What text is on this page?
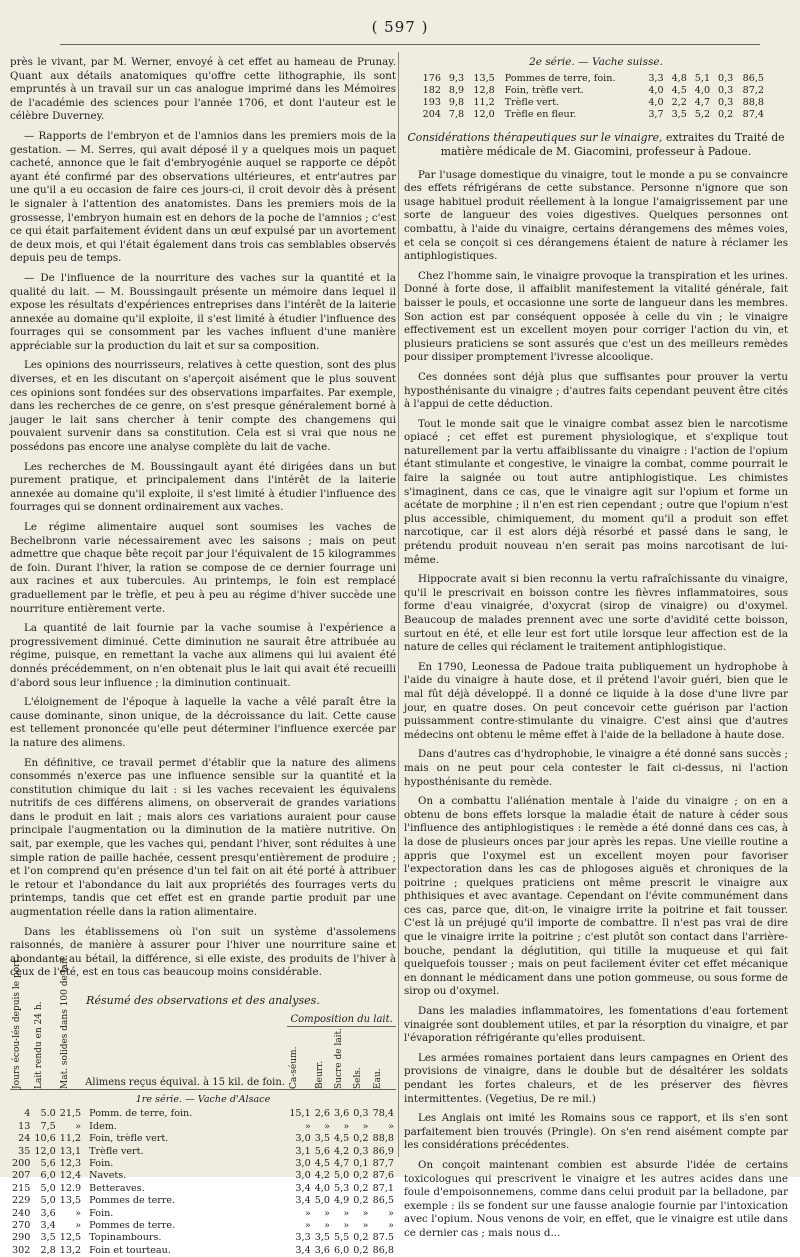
( 597 )

près le vivant, par M. Werner, envoyé à cet effet au hameau de Prunay. Quant aux détails anatomiques qu'offre cette lithographie, ils sont empruntés à un travail sur un cas analogue imprimé dans les Mémoires de l'académie des sciences pour l'année 1706, et dont l'auteur est le célèbre Duverney.

— Rapports de l'embryon et de l'amnios dans les premiers mois de la gestation. — M. Serres, qui avait déposé il y a quelques mois un paquet cacheté, annonce que le fait d'embryogénie auquel se rapporte ce dépôt ayant été confirmé par des observations ultérieures, et entr'autres par une qu'il a eu occasion de faire ces jours-ci, il croit devoir dès à présent le signaler à l'attention des anatomistes. Dans les premiers mois de la grossesse, l'embryon humain est en dehors de la poche de l'amnios ; c'est ce qui était parfaitement évident dans un œuf expulsé par un avortement de deux mois, et qui l'était également dans trois cas semblables observés depuis peu de temps.

— De l'influence de la nourriture des vaches sur la quantité et la qualité du lait. — M. Boussingault présente un mémoire dans lequel il expose les résultats d'expériences entreprises dans l'intérêt de la laiterie annexée au domaine qu'il exploite, il s'est limité à étudier l'influence des fourrages qui se consomment par les vaches influent d'une manière appréciable sur la production du lait et sur sa composition.

Les opinions des nourrisseurs, relatives à cette question, sont des plus diverses, et en les discutant on s'aperçoit aisément que le plus souvent ces opinions sont fondées sur des observations imparfaites. Par exemple, dans les recherches de ce genre, on s'est presque généralement borné à jauger le lait sans chercher à tenir compte des changemens qui pouvaient survenir dans sa constitution. Cela est si vrai que nous ne possédons pas encore une analyse complète du lait de vache.

Les recherches de M. Boussingault ayant été dirigées dans un but purement pratique, et principalement dans l'intérêt de la laiterie annexée au domaine qu'il exploite, il s'est limité à étudier l'influence des fourrages qui se donnent ordinairement aux vaches.

Le régime alimentaire auquel sont soumises les vaches de Bechelbronn varie nécessairement avec les saisons ; mais on peut admettre que chaque bête reçoit par jour l'équivalent de 15 kilogrammes de foin. Durant l'hiver, la ration se compose de ce dernier fourrage uni aux racines et aux tubercules. Au printemps, le foin est remplacé graduellement par le trèfle, et peu à peu au régime d'hiver succède une nourriture entièrement verte.

La quantité de lait fournie par la vache soumise à l'expérience a progressivement diminué. Cette diminution ne saurait être attribuée au régime, puisque, en remettant la vache aux alimens qui lui avaient été donnés précédemment, on n'en obtenait plus le lait qui avait été recueilli d'abord sous leur influence ; la diminution continuait.

L'éloignement de l'époque à laquelle la vache a vêlé paraît être la cause dominante, sinon unique, de la décroissance du lait. Cette cause est tellement prononcée qu'elle peut déterminer l'influence exercée par la nature des alimens.

En définitive, ce travail permet d'établir que la nature des alimens consommés n'exerce pas une influence sensible sur la quantité et la constitution chimique du lait : si les vaches recevaient les équivalens nutritifs de ces différens alimens, on observerait de grandes variations dans le produit en lait ; mais alors ces variations auraient pour cause principale l'augmentation ou la diminution de la matière nutritive. On sait, par exemple, que les vaches qui, pendant l'hiver, sont réduites à une simple ration de paille hachée, cessent presqu'entièrement de produire ; et l'on comprend qu'en présence d'un tel fait on ait été porté à attribuer le retour et l'abondance du lait aux propriétés des fourrages verts du printemps, tandis que cet effet est en grande partie produit par une augmentation réelle dans la ration alimentaire.

Dans les établissemens où l'on suit un système d'assolemens raisonnés, de manière à assurer pour l'hiver une nourriture saine et abondante au bétail, la différence, si elle existe, des produits de l'hiver à ceux de l'été, est en tous cas beaucoup moins considérable.

Résumé des observations et des analyses.
Jours écou-lés depuis le port.	Lait rendu en 24 h.	Mat. solides dans 100 de lait.	Alimens reçus équival. à 15 kil. de foin.	Composition du lait.				

				Ca-séum.	Beurr.	Sucre de lait.	Sels.	Eau.

1re série. — Vache d'Alsace								
4	5.0	21,5	Pomm. de terre, foin.	15,1	2,6	3,6	0,3	78,4
13	7,5	»	Idem.	»	»	»	»	»
24	10,6	11,2	Foin, trèfle vert.	3,0	3,5	4,5	0,2	88,8
35	12,0	13,1	Trèfle vert.	3,1	5,6	4,2	0,3	86,9
200	5,6	12,3	Foin.	3,0	4,5	4,7	0,1	87,7
207	6,0	12,4	Navets.	3,0	4,2	5,0	0,2	87,6
215	5,0	12.9	Betteraves.	3,4	4,0	5,3	0,2	87,1
229	5,0	13,5	Pommes de terre.	3,4	5,0	4,9	0,2	86,5
240	3,6	»	Foin.	»	»	»	»	»
270	3,4	»	Pommes de terre.	»	»	»	»	»
290	3,5	12,5	Topinambours.	3,3	3,5	5,5	0,2	87.5
302	2,8	13,2	Foin et tourteau.	3,4	3,6	6,0	0,2	86,8
2e série. — Vache suisse.
176	9,3	13,5	Pommes de terre, foin.	3,3	4,8	5,1	0,3	86,5
182	8,9	12,8	Foin, trèfle vert.	4,0	4,5	4,0	0,3	87,2
193	9,8	11,2	Trèfle vert.	4,0	2,2	4,7	0,3	88,8
204	7,8	12,0	Trèfle en fleur.	3,7	3,5	5,2	0,2	87,4
Considérations thérapeutiques sur le vinaigre, extraites du Traité de matière médicale de M. Giacomini, professeur à Padoue.

Par l'usage domestique du vinaigre, tout le monde a pu se convaincre des effets réfrigérans de cette substance. Personne n'ignore que son usage habituel produit réellement à la longue l'amaigrissement par une sorte de langueur des voies digestives. Quelques personnes ont combattu, à l'aide du vinaigre, certains dérangemens des mêmes voies, et cela se conçoit si ces dérangemens étaient de nature à réclamer les antiphlogistiques.

Chez l'homme sain, le vinaigre provoque la transpiration et les urines. Donné à forte dose, il affaiblit manifestement la vitalité générale, fait baisser le pouls, et occasionne une sorte de langueur dans les membres. Son action est par conséquent opposée à celle du vin ; le vinaigre effectivement est un excellent moyen pour corriger l'action du vin, et plusieurs praticiens se sont assurés que c'est un des meilleurs remèdes pour dissiper promptement l'ivresse alcoolique.

Ces données sont déjà plus que suffisantes pour prouver la vertu hyposthénisante du vinaigre ; d'autres faits cependant peuvent être cités à l'appui de cette déduction.

Tout le monde sait que le vinaigre combat assez bien le narcotisme opiacé ; cet effet est purement physiologique, et s'explique tout naturellement par la vertu affaiblissante du vinaigre : l'action de l'opium étant stimulante et congestive, le vinaigre la combat, comme pourrait le faire la saignée ou tout autre antiphlogistique. Les chimistes s'imaginent, dans ce cas, que le vinaigre agit sur l'opium et forme un acétate de morphine ; il n'en est rien cependant ; outre que l'opium n'est plus accessible, chimiquement, du moment qu'il a produit son effet narcotique, car il est alors déjà résorbé et passé dans le sang, le prétendu produit nouveau n'en serait pas moins narcotisant de lui-même.

Hippocrate avait si bien reconnu la vertu rafraîchissante du vinaigre, qu'il le prescrivait en boisson contre les fièvres inflammatoires, sous forme d'eau vinaigrée, d'oxycrat (sirop de vinaigre) ou d'oxymel. Beaucoup de malades prennent avec une sorte d'avidité cette boisson, surtout en été, et elle leur est fort utile lorsque leur affection est de la nature de celles qui réclament le traitement antiphlogistique.

En 1790, Leonessa de Padoue traita publiquement un hydrophobe à l'aide du vinaigre à haute dose, et il prétend l'avoir guéri, bien que le mal fût déjà développé. Il a donné ce liquide à la dose d'une livre par jour, en quatre doses. On peut concevoir cette guérison par l'action puissamment contre-stimulante du vinaigre. C'est ainsi que d'autres médecins ont obtenu le même effet à l'aide de la belladone à haute dose.

Dans d'autres cas d'hydrophobie, le vinaigre a été donné sans succès ; mais on ne peut pour cela contester le fait ci-dessus, ni l'action hyposthénisante du remède.

On a combattu l'aliénation mentale à l'aide du vinaigre ; on en a obtenu de bons effets lorsque la maladie était de nature à céder sous l'influence des antiphlogistiques : le remède a été donné dans ces cas, à la dose de plusieurs onces par jour après les repas. Une vieille routine a appris que l'oxymel est un excellent moyen pour favoriser l'expectoration dans les cas de phlogoses aiguës et chroniques de la poitrine ; quelques praticiens ont même prescrit le vinaigre aux phthisiques et avec avantage. Cependant on l'évite communément dans ces cas, parce que, dit-on, le vinaigre irrite la poitrine et fait tousser. C'est là un préjugé qu'il importe de combattre. Il n'est pas vrai de dire que le vinaigre irrite la poitrine ; c'est plutôt son contact dans l'arrière-bouche, pendant la déglutition, qui titille la muqueuse et qui fait quelquefois tousser ; mais on peut facilement éviter cet effet mécanique en donnant le médicament dans une potion gommeuse, ou sous forme de sirop ou d'oxymel.

Dans les maladies inflammatoires, les fomentations d'eau fortement vinaigrée sont doublement utiles, et par la résorption du vinaigre, et par l'évaporation réfrigérante qu'elles produisent.

Les armées romaines portaient dans leurs campagnes en Orient des provisions de vinaigre, dans le double but de désaltérer les soldats pendant les fortes chaleurs, et de les préserver des fièvres intermittentes. (Vegetius, De re mil.)

Les Anglais ont imité les Romains sous ce rapport, et ils s'en sont parfaitement bien trouvés (Pringle). On s'en rend aisément compte par les considérations précédentes.

On conçoit maintenant combien est absurde l'idée de certains toxicologues qui prescrivent le vinaigre et les autres acides dans une foule d'empoisonnemens, comme dans celui produit par la belladone, par exemple : ils se fondent sur une fausse analogie fournie par l'intoxication avec l'opium. Nous venons de voir, en effet, que le vinaigre est utile dans ce dernier cas ; mais nous d...
